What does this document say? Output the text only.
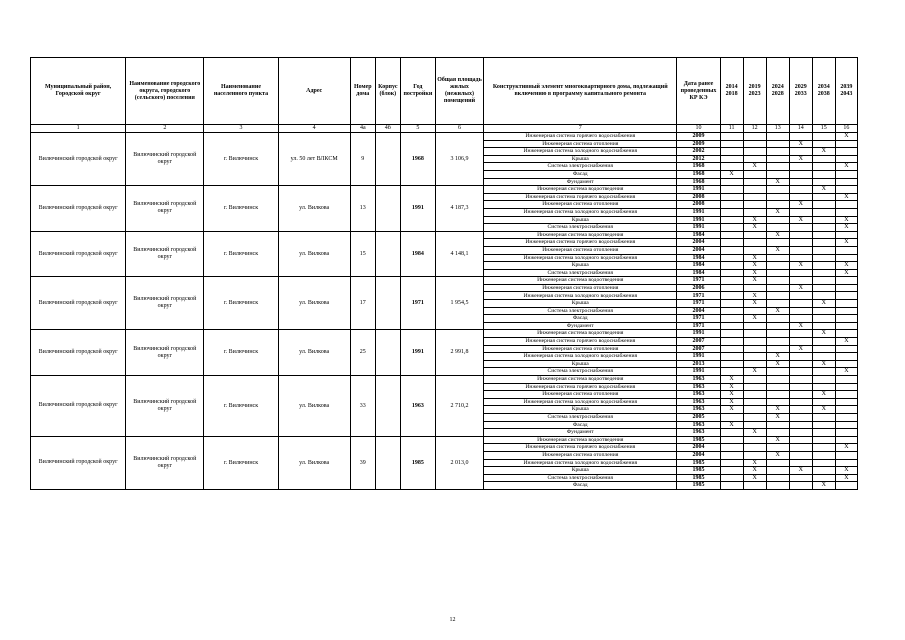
Муниципальный район, Городской округ	Наименование городского округа, городского (сельского) поселения	Наименование населенного пункта	Адрес	Номер дома	Корпус (блок)	Год постройки	Общая площадь жилых (нежилых) помещений	Конструктивный элемент многоквартирного дома, подлежащий включению в программу капитального ремонта	Дата ранее проведенных КР КЭ	2014 2018	2019 2023	2024 2028	2029 2033	2034 2038	2039 2043
1	2	3	4	4а	4б	5	6	7	10	11	12	13	14	15	16
Вилючинский городской округ	Вилючинский городской округ	г. Вилючинск	ул. 50 лет ВЛКСМ	9		1968	3 106,9	Инженерная система горячего водоснабжения	2009						X
								Инженерная система отопления	2009				X		
								Инженерная система холодного водоснабжения	2002					X	
								Крыша	2012				X		
								Система электроснабжения	1968		X				X
								Фасад	1968	X					
								Фундамент	1968			X			
Вилючинский городской округ	Вилючинский городской округ	г. Вилючинск	ул. Вилкова	13		1991	4 187,3	Инженерная система водоотведения	1991					X	
								Инженерная система горячего водоснабжения	2008						X
								Инженерная система отопления	2008				X		
								Инженерная система холодного водоснабжения	1991			X			
								Крыша	1991		X		X		X
								Система электроснабжения	1991		X				X
Вилючинский городской округ	Вилючинский городской округ	г. Вилючинск	ул. Вилкова	15		1984	4 148,1	Инженерная система водоотведения	1984			X			
								Инженерная система горячего водоснабжения	2004						X
								Инженерная система отопления	2004			X			
								Инженерная система холодного водоснабжения	1984		X				
								Крыша	1984		X		X		X
								Система электроснабжения	1984		X				X
Вилючинский городской округ	Вилючинский городской округ	г. Вилючинск	ул. Вилкова	17		1971	1 954,5	Инженерная система водоотведения	1971		X				
								Инженерная система отопления	2006				X		
								Инженерная система холодного водоснабжения	1971		X				
								Крыша	1971		X			X	
								Система электроснабжения	2004			X			
								Фасад	1971		X				
								Фундамент	1971				X		
Вилючинский городской округ	Вилючинский городской округ	г. Вилючинск	ул. Вилкова	25		1991	2 991,8	Инженерная система водоотведения	1991					X	
								Инженерная система горячего водоснабжения	2007						X
								Инженерная система отопления	2007				X		
								Инженерная система холодного водоснабжения	1991			X			
								Крыша	2013			X		X	
								Система электроснабжения	1991		X				X
Вилючинский городской округ	Вилючинский городской округ	г. Вилючинск	ул. Вилкова	33		1963	2 710,2	Инженерная система водоотведения	1963	X					
								Инженерная система горячего водоснабжения	1963	X					
								Инженерная система отопления	1963	X				X	
								Инженерная система холодного водоснабжения	1963	X					
								Крыша	1963	X		X		X	
								Система электроснабжения	2005			X			
								Фасад	1963	X					
								Фундамент	1963		X				
Вилючинский городской округ	Вилючинский городской округ	г. Вилючинск	ул. Вилкова	39		1985	2 013,0	Инженерная система водоотведения	1985			X			
								Инженерная система горячего водоснабжения	2004						X
								Инженерная система отопления	2004			X			
								Инженерная система холодного водоснабжения	1985		X				
								Крыша	1985		X		X		X
								Система электроснабжения	1985		X				X
								Фасад	1985					X	
12
